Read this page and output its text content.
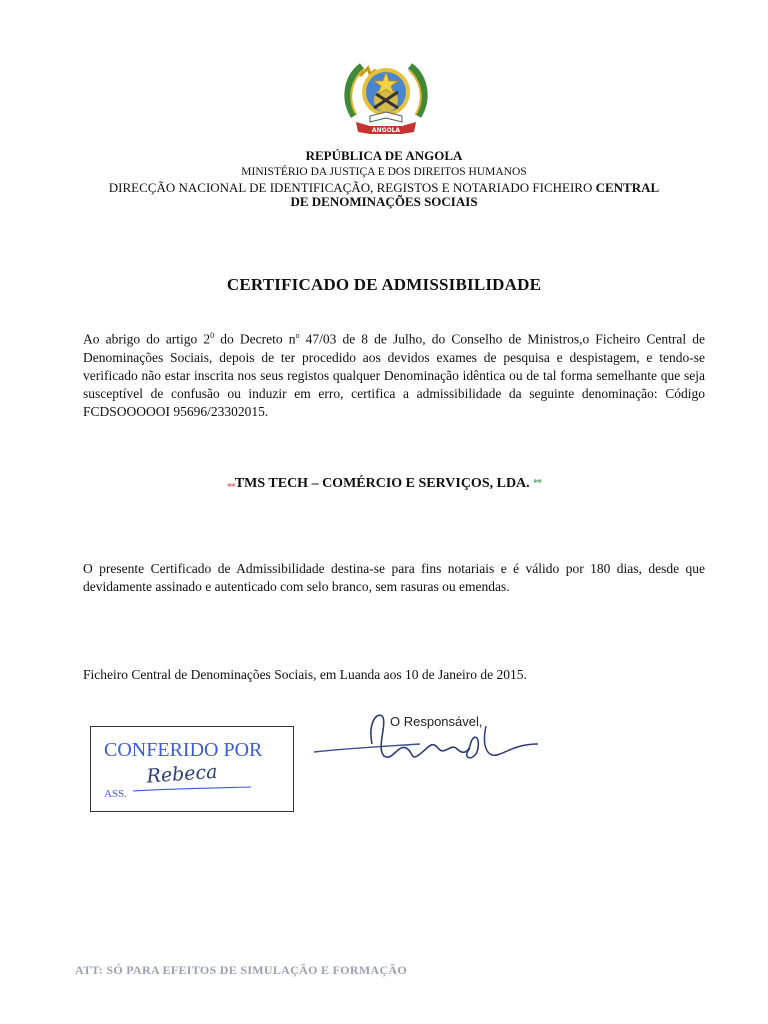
ANGOLA
REPÚBLICA DE ANGOLA
MINISTÉRIO DA JUSTIÇA E DOS DIREITOS HUMANOS
DIRECÇÃO NACIONAL DE IDENTIFICAÇÃO, REGISTOS E NOTARIADO FICHEIRO CENTRAL
DE DENOMINAÇÕES SOCIAIS
CERTIFICADO DE ADMISSIBILIDADE
Ao abrigo do artigo $2^0$ do Decreto $n^o$ 47/03 de 8 de Julho, do Conselho de Ministros,o Ficheiro Central de Denominações Sociais, depois de ter procedido aos devidos exames de pesquisa e despistagem, e tendo-se verificado não estar inscrita nos seus registos qualquer Denominação idêntica ou de tal forma semelhante que seja susceptível de confusão ou induzir em erro, certifica a admissibilidade da seguinte denominação: Código FCDSOOOOOI 95696/23302015.
$_{**}$TMS TECH – COMÉRCIO E SERVIÇOS, LDA. **
O presente Certificado de Admissibilidade destina-se para fins notariais e é válido por 180 dias, desde que devidamente assinado e autenticado com selo branco, sem rasuras ou emendas.
Ficheiro Central de Denominações Sociais, em Luanda aos 10 de Janeiro de 2015.
CONFERIDO POR
ASS.
Rebeca
O Responsável,
ATT: SÓ PARA EFEITOS DE SIMULAÇÃO E FORMAÇÃO
